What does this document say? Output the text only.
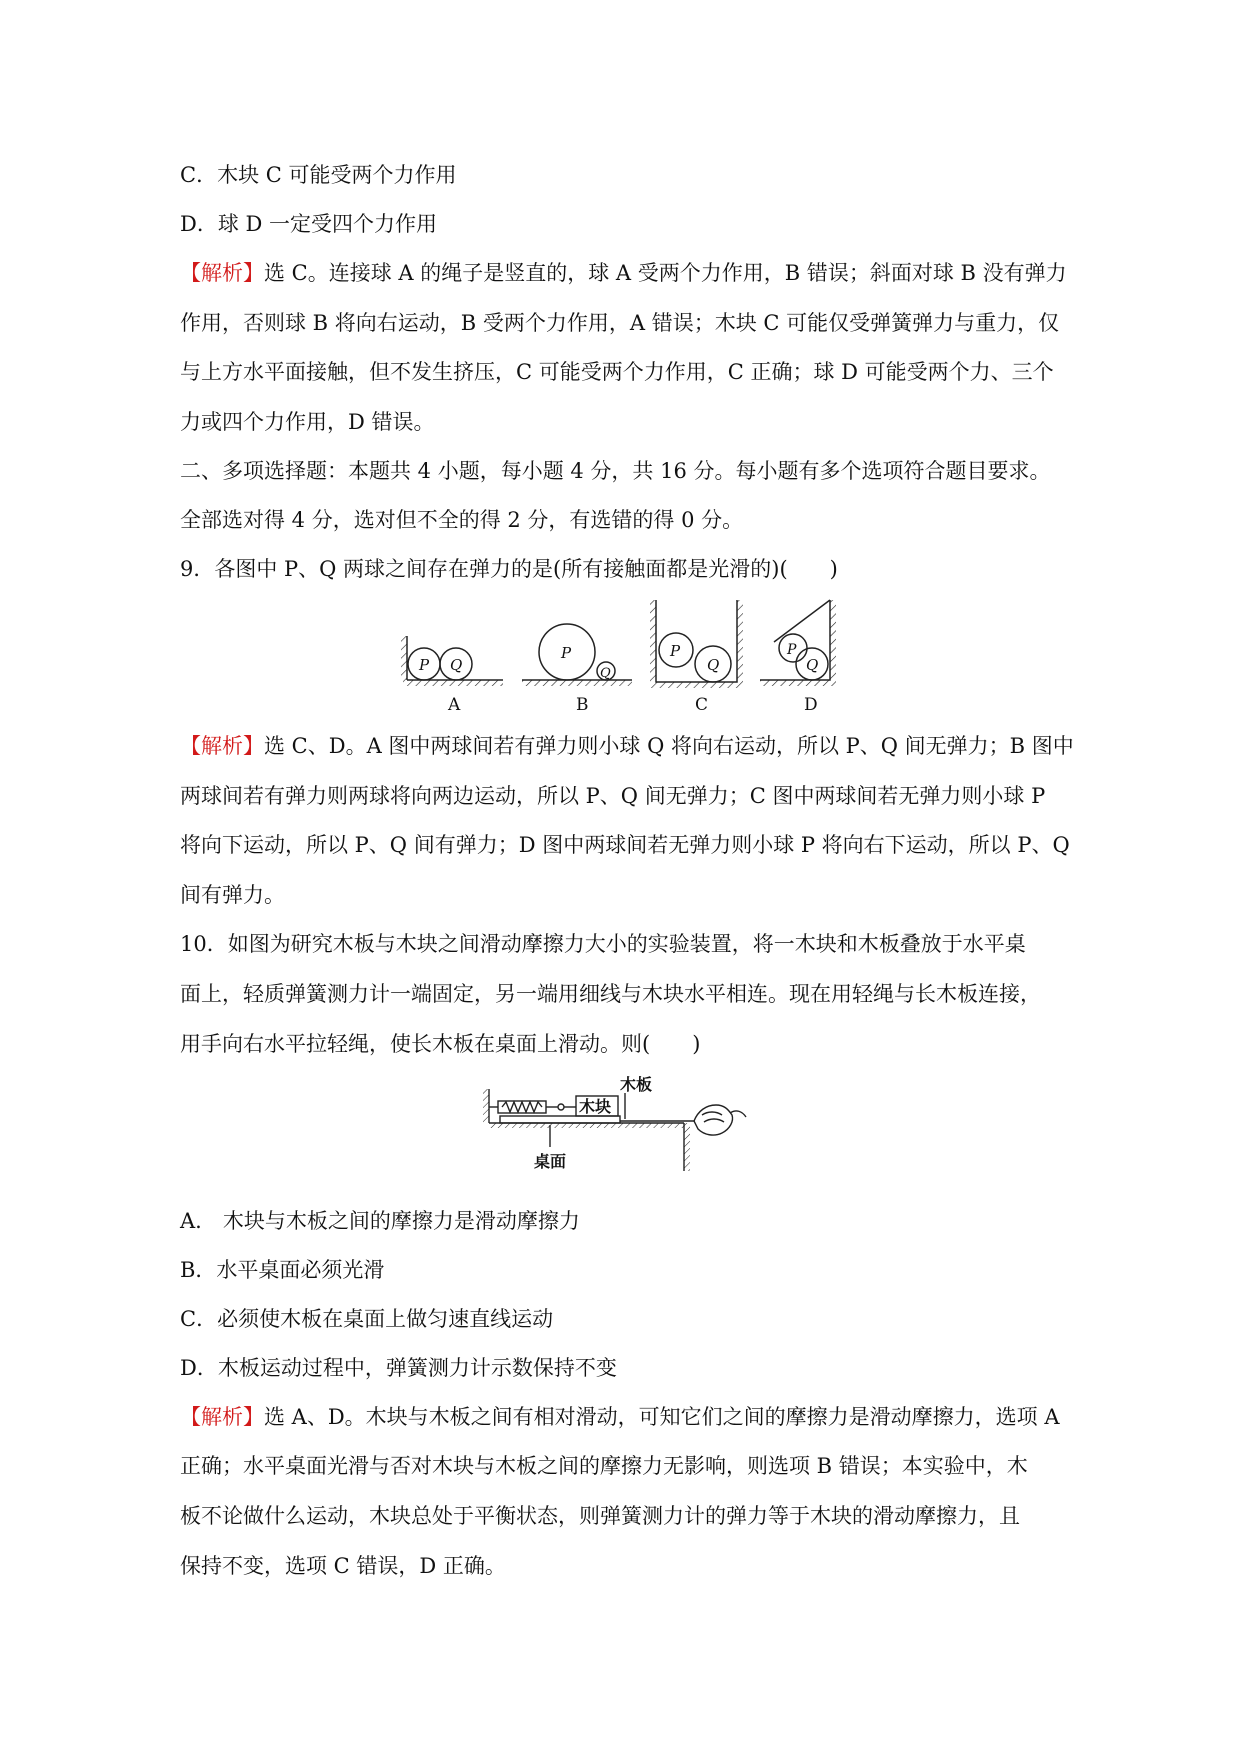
C．木块 C 可能受两个力作用
D．球 D 一定受四个力作用
【解析】选 C。连接球 A 的绳子是竖直的，球 A 受两个力作用，B 错误；斜面对球 B 没有弹力
作用，否则球 B 将向右运动，B 受两个力作用，A 错误；木块 C 可能仅受弹簧弹力与重力，仅
与上方水平面接触，但不发生挤压，C 可能受两个力作用，C 正确；球 D 可能受两个力、三个
力或四个力作用，D 错误。
二、多项选择题：本题共 4 小题，每小题 4 分，共 16 分。每小题有多个选项符合题目要求。
全部选对得 4 分，选对但不全的得 2 分，有选错的得 0 分。
9．各图中 P、Q 两球之间存在弹力的是(所有接触面都是光滑的)(　　)
P Q
P
Q
P
Q
P
Q
A	B	C	D
【解析】选 C、D。A 图中两球间若有弹力则小球 Q 将向右运动，所以 P、Q 间无弹力；B 图中
两球间若有弹力则两球将向两边运动，所以 P、Q 间无弹力；C 图中两球间若无弹力则小球 P
将向下运动，所以 P、Q 间有弹力；D 图中两球间若无弹力则小球 P 将向右下运动，所以 P、Q
间有弹力。
10．如图为研究木板与木块之间滑动摩擦力大小的实验装置，将一木块和木板叠放于水平桌
面上，轻质弹簧测力计一端固定，另一端用细线与木块水平相连。现在用轻绳与长木板连接，
用手向右水平拉轻绳，使长木板在桌面上滑动。则(　　)
木块
木板
桌面
A.　木块与木板之间的摩擦力是滑动摩擦力
B．水平桌面必须光滑
C．必须使木板在桌面上做匀速直线运动
D．木板运动过程中，弹簧测力计示数保持不变
【解析】选 A、D。木块与木板之间有相对滑动，可知它们之间的摩擦力是滑动摩擦力，选项 A
正确；水平桌面光滑与否对木块与木板之间的摩擦力无影响，则选项 B 错误；本实验中，木
板不论做什么运动，木块总处于平衡状态，则弹簧测力计的弹力等于木块的滑动摩擦力，且
保持不变，选项 C 错误，D 正确。
